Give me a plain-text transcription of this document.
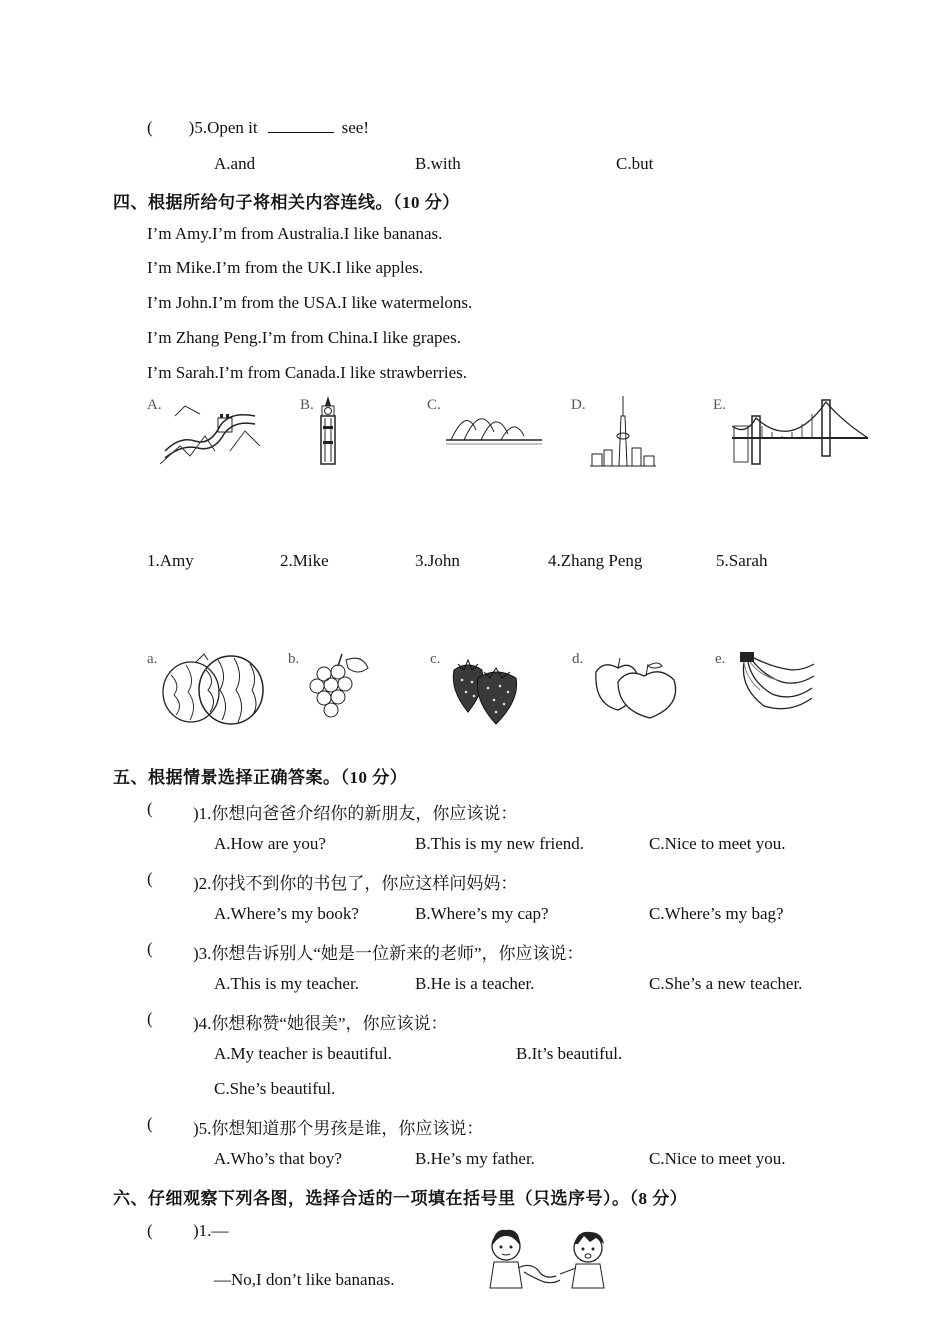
( )5.Open it	see!
A.and	B.with	C.but
四、根据所给句子将相关内容连线。（10 分）
I’m Amy.I’m from Australia.I like bananas.
I’m Mike.I’m from the UK.I like apples.
I’m John.I’m from the USA.I like watermelons.
I’m Zhang Peng.I’m from China.I like grapes.
I’m Sarah.I’m from Canada.I like strawberries.
A.	B.	C.	D.	E.
1.Amy	2.Mike	3.John	4.Zhang Peng	5.Sarah
a.	b.	c.	d.	e.
五、根据情景选择正确答案。（10 分）
( )1.你想向爸爸介绍你的新朋友，你应该说：
A.How are you?	B.This is my new friend.	C.Nice to meet you.
( )2.你找不到你的书包了，你应这样问妈妈：
A.Where’s my book?	B.Where’s my cap?	C.Where’s my bag?
( )3.你想告诉别人“她是一位新来的老师”，你应该说：
A.This is my teacher.	B.He is a teacher.	C.She’s a new teacher.
( )4.你想称赞“她很美”，你应该说：
A.My teacher is beautiful.	B.It’s beautiful.
C.She’s beautiful.
( )5.你想知道那个男孩是谁，你应该说：
A.Who’s that boy?	B.He’s my father.	C.Nice to meet you.
六、仔细观察下列各图，选择合适的一项填在括号里（只选序号）。（8 分）
( )1.—
—No,I don’t like bananas.
